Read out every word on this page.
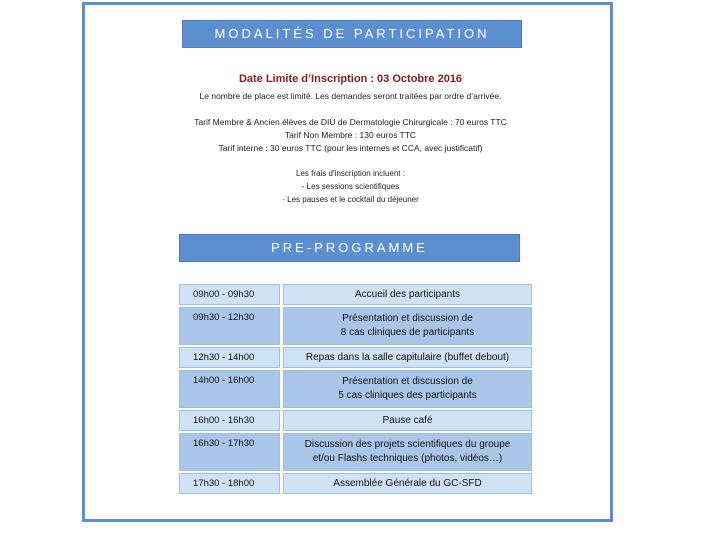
MODALITÉS DE PARTICIPATION
Date Limite d’Inscription : 03 Octobre 2016
Le nombre de place est limité. Les demandes seront traitées par ordre d’arrivée.
Tarif Membre & Ancien élèves de DIU de Dermatologie Chirurgicale : 70 euros TTC
Tarif Non Membre : 130 euros TTC
Tarif interne : 30 euros TTC (pour les internes et CCA, avec justificatif)
Les frais d’inscription incluent :
- Les sessions scientifiques
- Les pauses et le cocktail du déjeuner
PRE-PROGRAMME
09h00 - 09h30	Accueil des participants
09h30 - 12h30	Présentation et discussion de
8 cas cliniques de participants
12h30 - 14h00	Repas dans la salle capitulaire (buffet debout)
14h00 - 16h00	Présentation et discussion de
5 cas cliniques des participants
16h00 - 16h30	Pause café
16h30 - 17h30	Discussion des projets scientifiques du groupe
et/ou Flashs techniques (photos, vidéos…)
17h30 - 18h00	Assemblée Générale du GC-SFD
